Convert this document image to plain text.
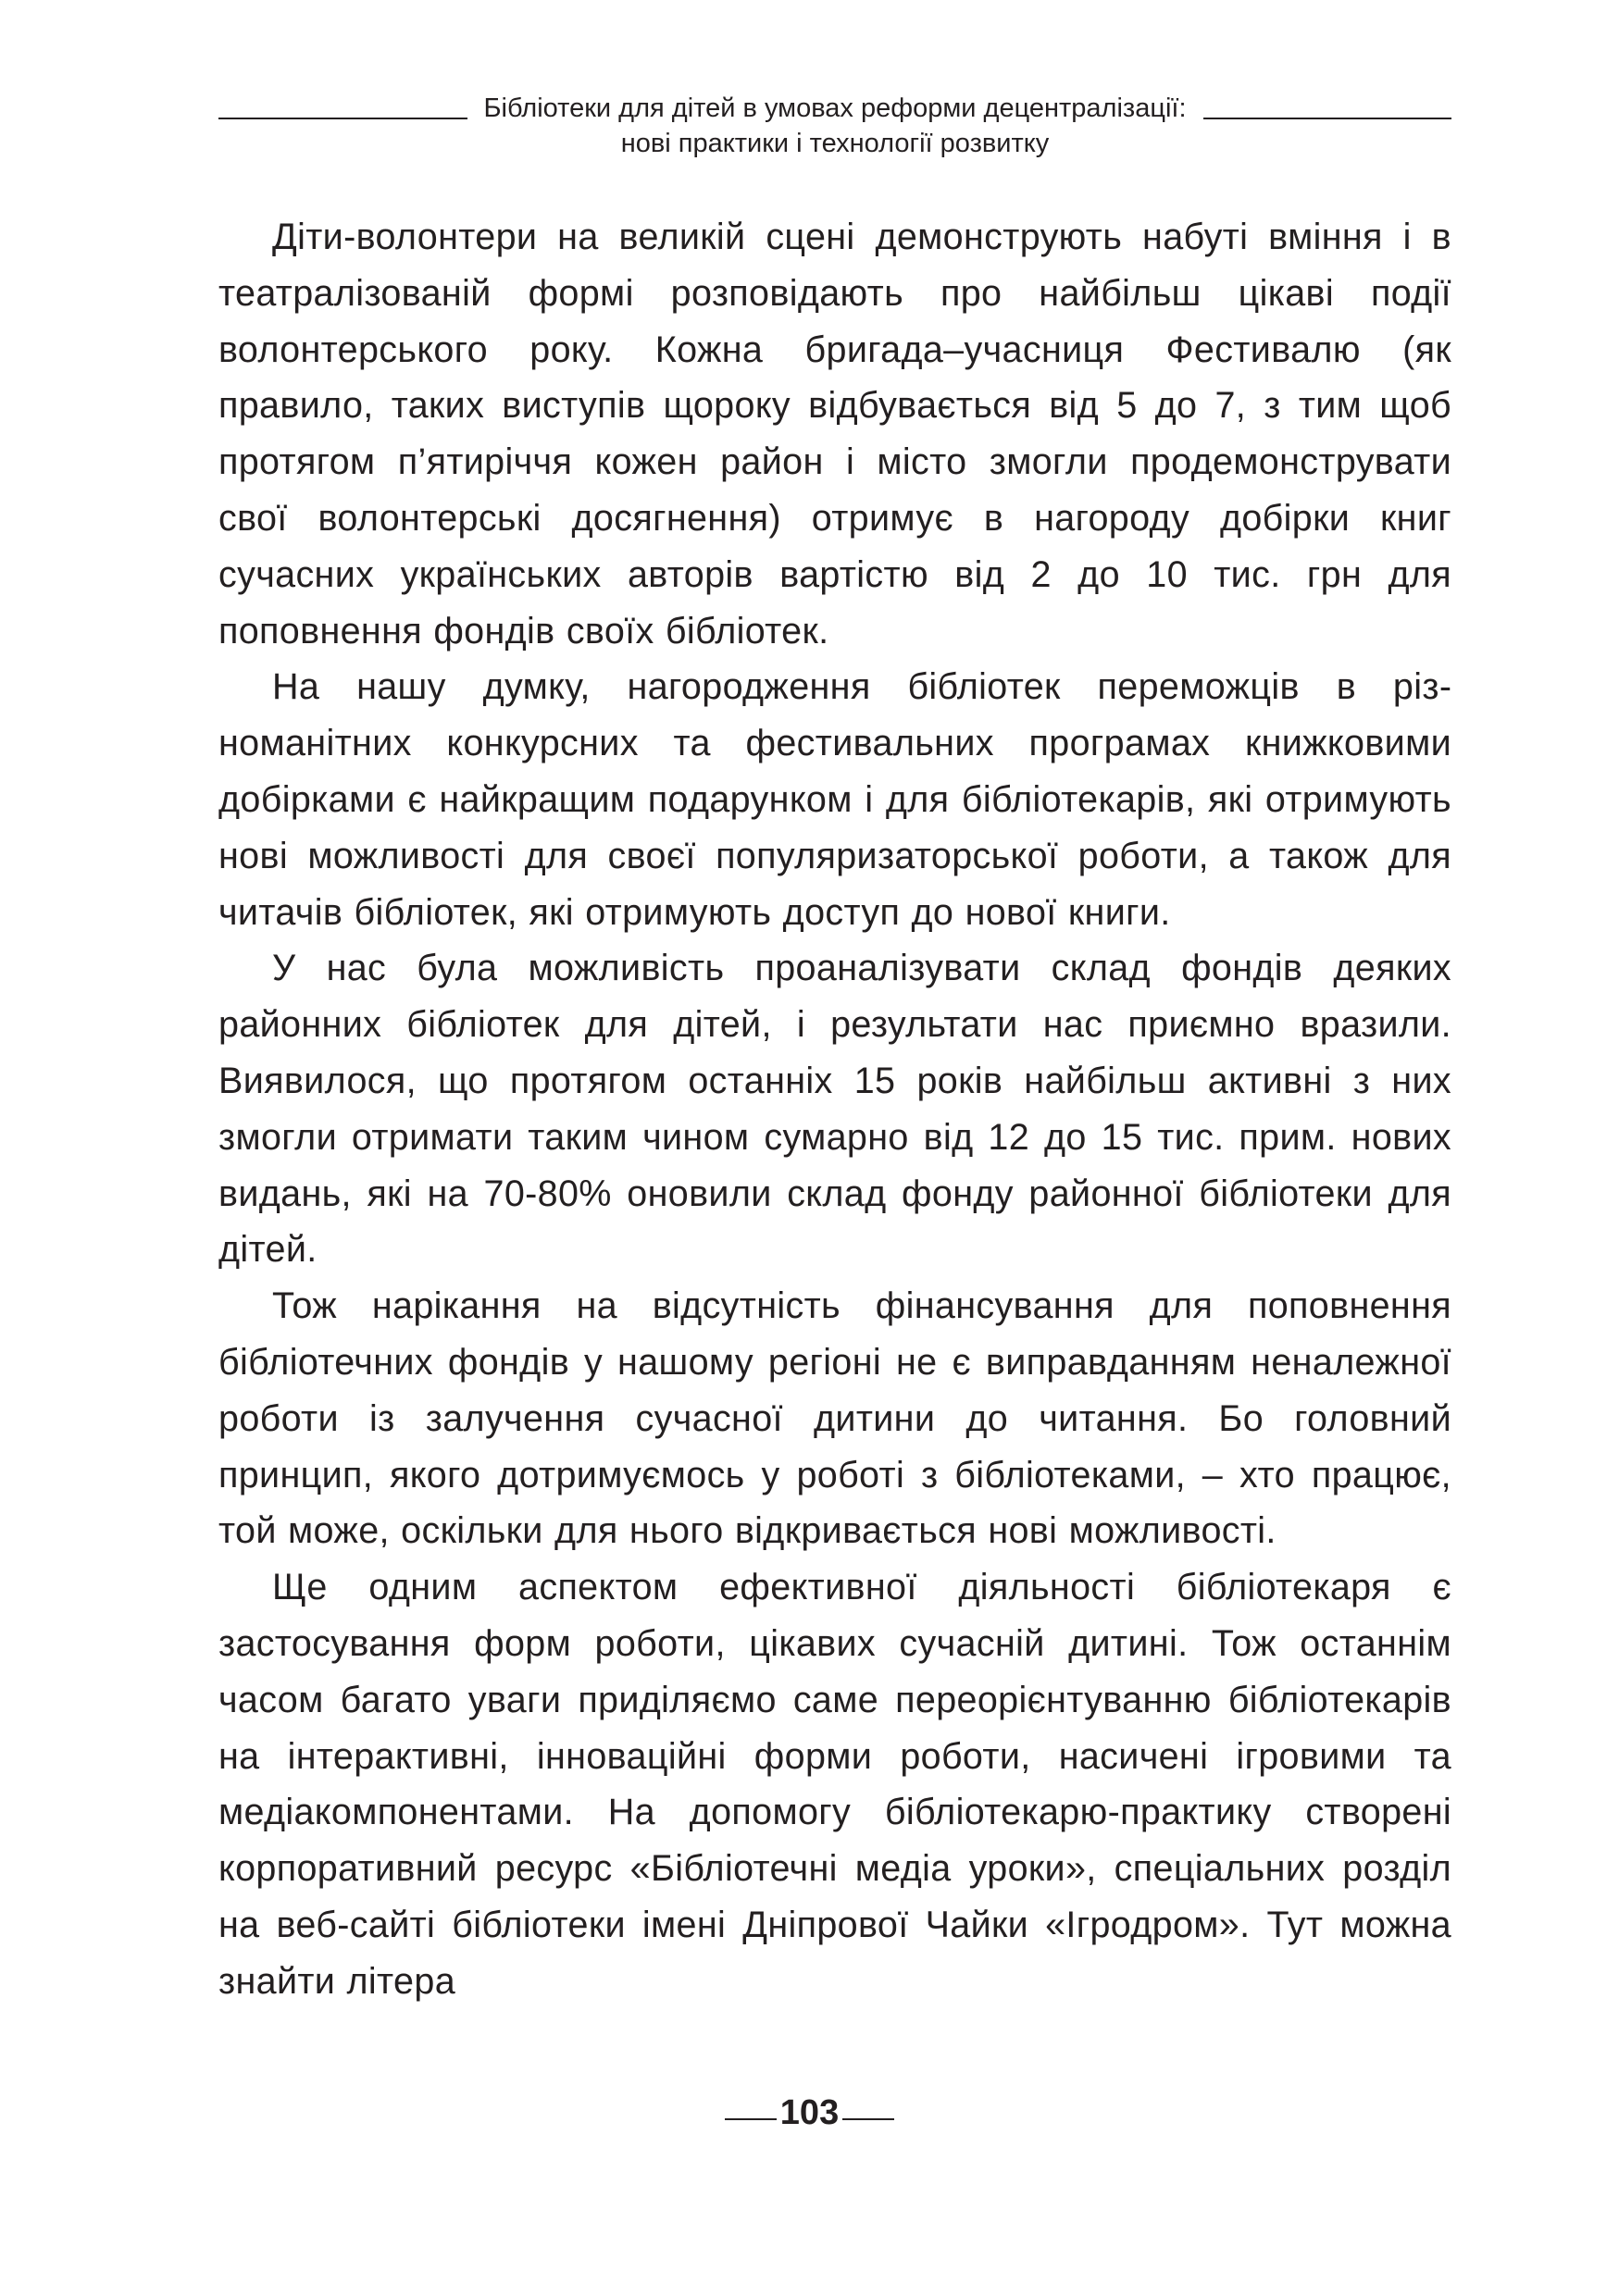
Бібліотеки для дітей в умовах реформи децентралізації:
нові практики і технології розвитку

Діти-волонтери на великій сцені демонструють набуті вміння і в театралізованій формі розповідають про найбільш цікаві події волонтерського року. Кожна бригада–учасниця Фестивалю (як правило, таких виступів щороку відбувається від 5 до 7, з тим щоб протягом п’ятиріччя кожен район і місто змогли продемонструвати свої волонтерські досягнення) отримує в нагороду добірки книг сучасних українських авторів вартістю від 2 до 10 тис. грн для поповнення фондів своїх бібліотек.

На нашу думку, нагородження бібліотек переможців в різноманітних конкурсних та фестивальних програмах книжковими добірками є найкращим подарунком і для бібліотекарів, які отримують нові можливості для своєї популяризаторської роботи, а також для читачів бібліотек, які отримують доступ до нової книги.

У нас була можливість проаналізувати склад фондів деяких районних бібліотек для дітей, і результати нас приємно вразили. Виявилося, що протягом останніх 15 років найбільш активні з них змогли отримати таким чином сумарно від 12 до 15 тис. прим. нових видань, які на 70-80% оновили склад фонду районної бібліотеки для дітей.

Тож нарікання на відсутність фінансування для поповнення бібліотечних фондів у нашому регіоні не є виправданням неналежної роботи із залучення сучасної дитини до читання. Бо головний принцип, якого дотримуємось у роботі з бібліотеками, – хто працює, той може, оскільки для нього відкривається нові можливості.

Ще одним аспектом ефективної діяльності бібліотекаря є застосування форм роботи, цікавих сучасній дитині. Тож останнім часом багато уваги приділяємо саме переорієнтуванню бібліотекарів на інтерактивні, інноваційні форми роботи, насичені ігровими та медіакомпонентами. На допомогу бібліотекарю-практику створені корпоративний ресурс «Бібліотечні медіа уроки», спеціальних розділ на веб-сайті бібліотеки імені Дніпрової Чайки «Ігродром». Тут можна знайти літера

103
